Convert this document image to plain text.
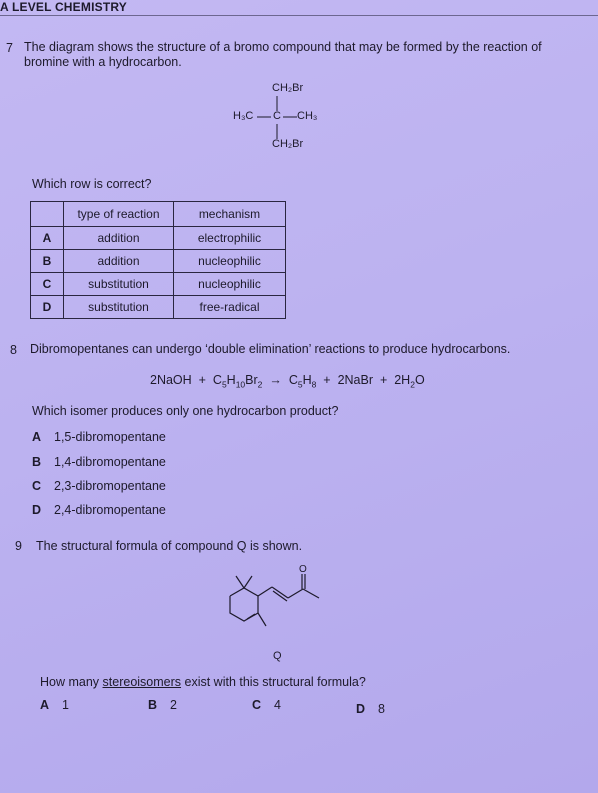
A LEVEL CHEMISTRY
7 The diagram shows the structure of a bromo compound that may be formed by the reaction of
bromine with a hydrocarbon.
CH₂Br
H₃C C CH₃
CH₂Br
Which row is correct?
	type of reaction	mechanism
A	addition	electrophilic
B	addition	nucleophilic
C	substitution	nucleophilic
D	substitution	free-radical
8 Dibromopentanes can undergo ‘double elimination’ reactions to produce hydrocarbons.
2NaOH + $C_5H_{10}Br_2 \to C_5H_8$ + 2NaBr + $2H_2O$
Which isomer produces only one hydrocarbon product?
A 1,5-dibromopentane
B 1,4-dibromopentane
C 2,3-dibromopentane
D 2,4-dibromopentane
9 The structural formula of compound Q is shown.
O
Q
How many stereoisomers exist with this structural formula?
A 1	B 2	C 4	D 8
